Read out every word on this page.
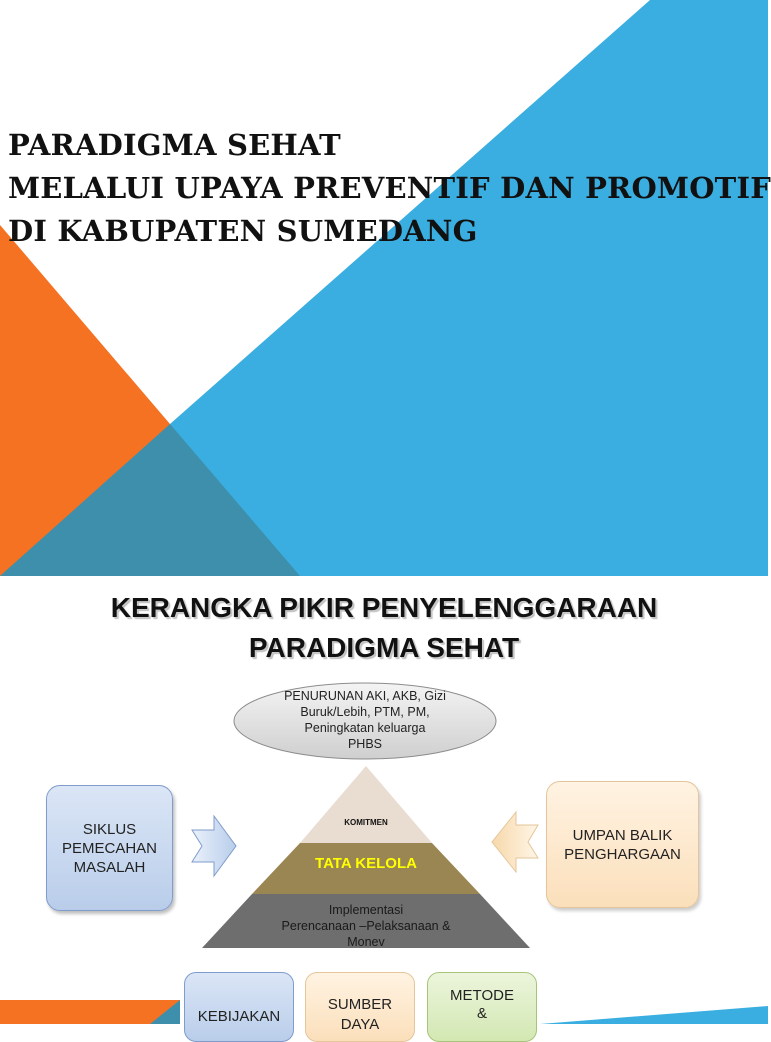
PARADIGMA SEHAT
MELALUI UPAYA PREVENTIF DAN PROMOTIF
DI KABUPATEN SUMEDANG
KERANGKA PIKIR PENYELENGGARAAN
PARADIGMA SEHAT
PENURUNAN AKI, AKB, Gizi
Buruk/Lebih, PTM, PM,
Peningkatan keluarga
PHBS
SIKLUS
PEMECAHAN
MASALAH
UMPAN BALIK
PENGHARGAAN
KOMITMEN
TATA KELOLA
Implementasi
Perencanaan –Pelaksanaan &
Monev
KEBIJAKAN
SUMBER
DAYA
METODE
&
